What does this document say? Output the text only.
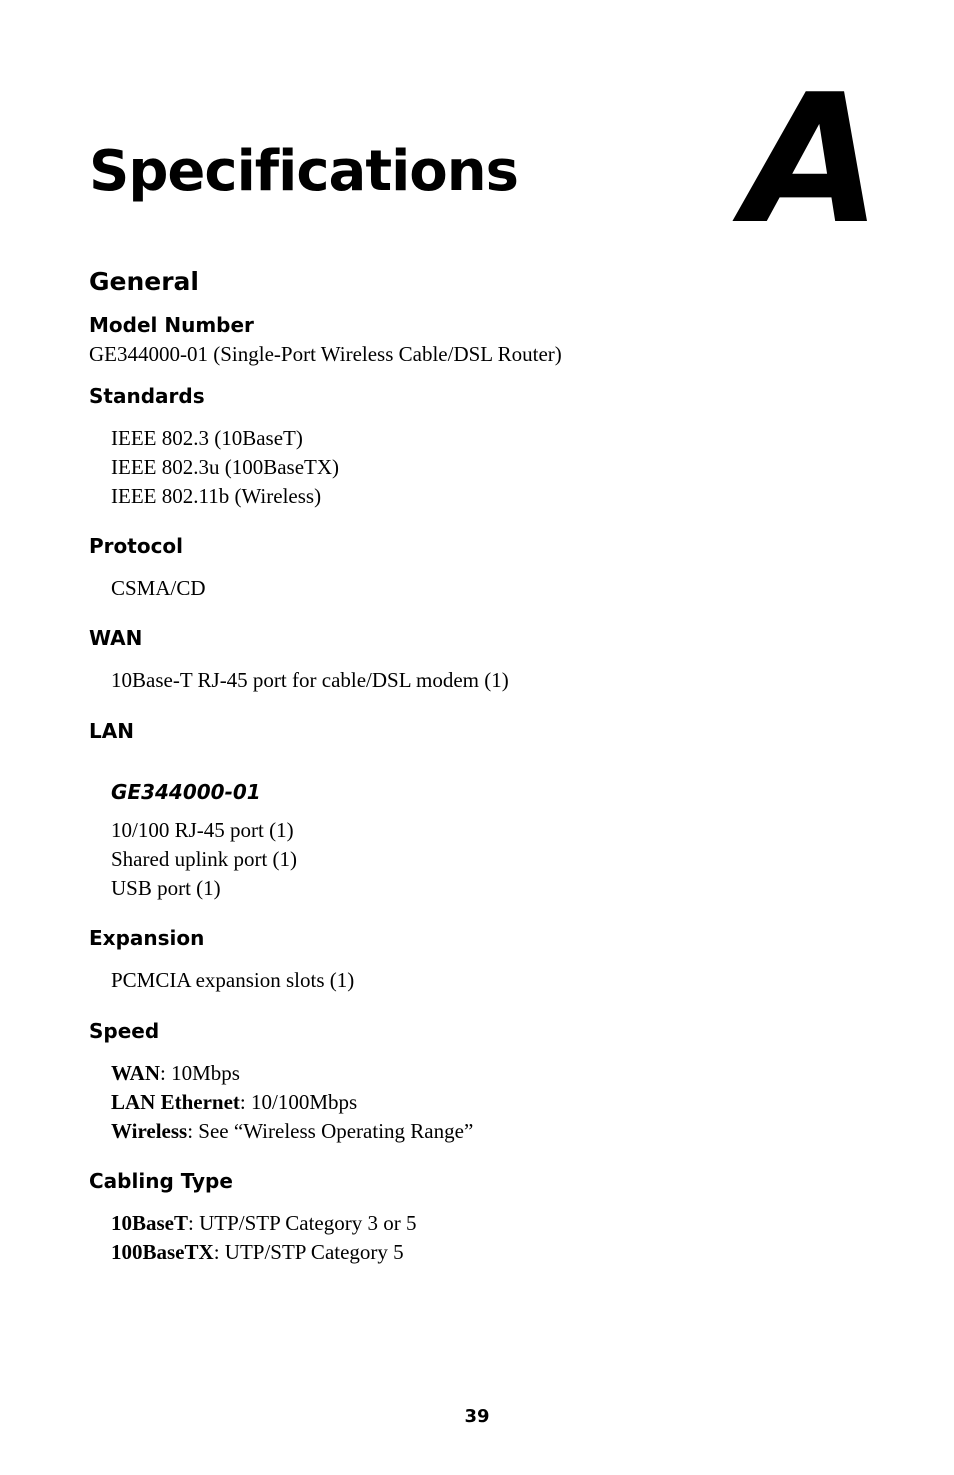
Specifications A
General
Model Number
GE344000-01 (Single-Port Wireless Cable/DSL Router)
Standards
IEEE 802.3 (10BaseT)
IEEE 802.3u (100BaseTX)
IEEE 802.11b (Wireless)
Protocol
CSMA/CD
WAN
10Base-T RJ-45 port for cable/DSL modem (1)
LAN
GE344000-01
10/100 RJ-45 port (1)
Shared uplink port (1)
USB port (1)
Expansion
PCMCIA expansion slots (1)
Speed
WAN: 10Mbps
LAN Ethernet: 10/100Mbps
Wireless: See “Wireless Operating Range”
Cabling Type
10BaseT: UTP/STP Category 3 or 5
100BaseTX: UTP/STP Category 5
39
